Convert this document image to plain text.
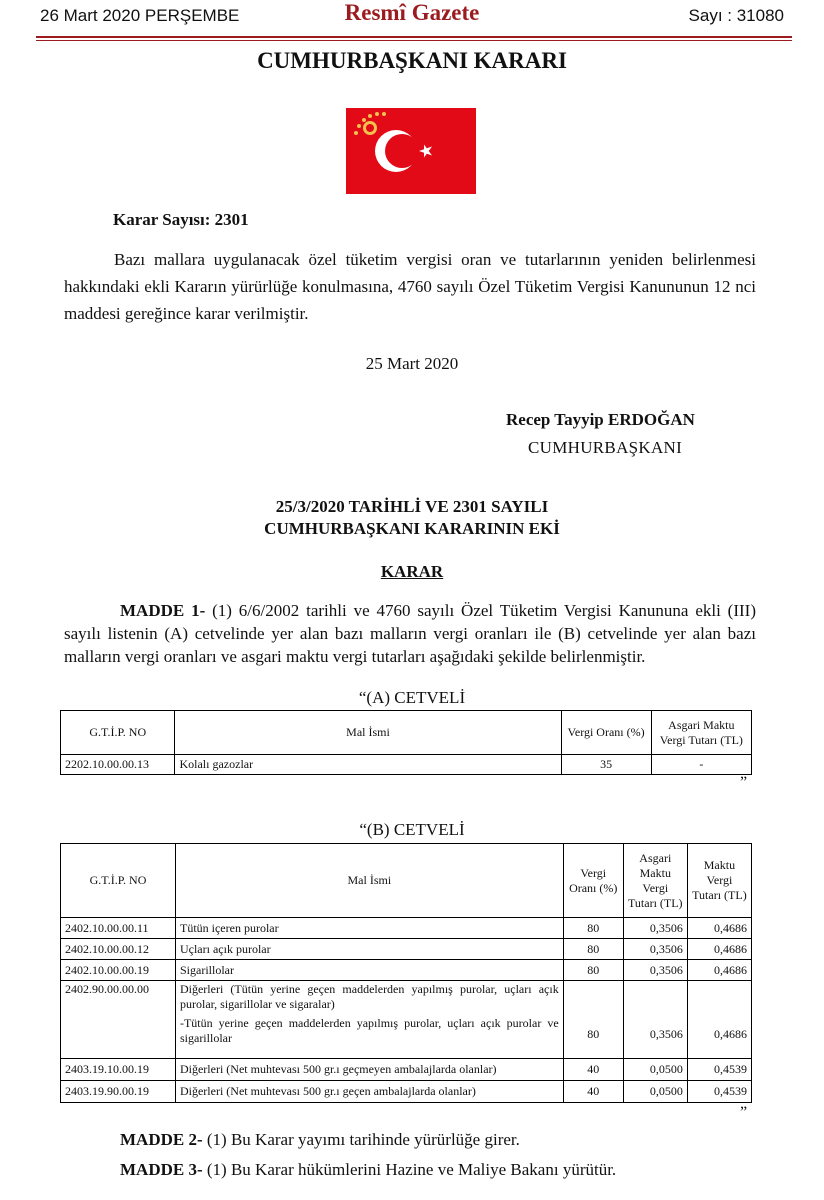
26 Mart 2020 PERŞEMBE	Resmî Gazete	Sayı : 31080
CUMHURBAŞKANI KARARI
Karar Sayısı: 2301
Bazı mallara uygulanacak özel tüketim vergisi oran ve tutarlarının yeniden belirlenmesi hakkındaki ekli Kararın yürürlüğe konulmasına, 4760 sayılı Özel Tüketim Vergisi Kanununun 12 nci maddesi gereğince karar verilmiştir.
25 Mart 2020
Recep Tayyip ERDOĞAN
CUMHURBAŞKANI
25/3/2020 TARİHLİ VE 2301 SAYILI
CUMHURBAŞKANI KARARININ EKİ
KARAR
MADDE 1- (1) 6/6/2002 tarihli ve 4760 sayılı Özel Tüketim Vergisi Kanununa ekli (III) sayılı listenin (A) cetvelinde yer alan bazı malların vergi oranları ile (B) cetvelinde yer alan bazı malların vergi oranları ve asgari maktu vergi tutarları aşağıdaki şekilde belirlenmiştir.
“(A) CETVELİ
G.T.İ.P. NO	Mal İsmi	Vergi Oranı (%)	Asgari Maktu Vergi Tutarı (TL)
2202.10.00.00.13	Kolalı gazozlar	35	-
”
“(B) CETVELİ
G.T.İ.P. NO	Mal İsmi	Vergi Oranı (%)	Asgari Maktu Vergi Tutarı (TL)	Maktu Vergi Tutarı (TL)
2402.10.00.00.11	Tütün içeren purolar	80	0,3506	0,4686
2402.10.00.00.12	Uçları açık purolar	80	0,3506	0,4686
2402.10.00.00.19	Sigarillolar	80	0,3506	0,4686
2402.90.00.00.00	Diğerleri (Tütün yerine geçen maddelerden yapılmış purolar, uçları açık purolar, sigarillolar ve sigaralar)
-Tütün yerine geçen maddelerden yapılmış purolar, uçları açık purolar ve sigarillolar	80	0,3506	0,4686
2403.19.10.00.19	Diğerleri (Net muhtevası 500 gr.ı geçmeyen ambalajlarda olanlar)	40	0,0500	0,4539
2403.19.90.00.19	Diğerleri (Net muhtevası 500 gr.ı geçen ambalajlarda olanlar)	40	0,0500	0,4539
”
MADDE 2- (1) Bu Karar yayımı tarihinde yürürlüğe girer.
MADDE 3- (1) Bu Karar hükümlerini Hazine ve Maliye Bakanı yürütür.
